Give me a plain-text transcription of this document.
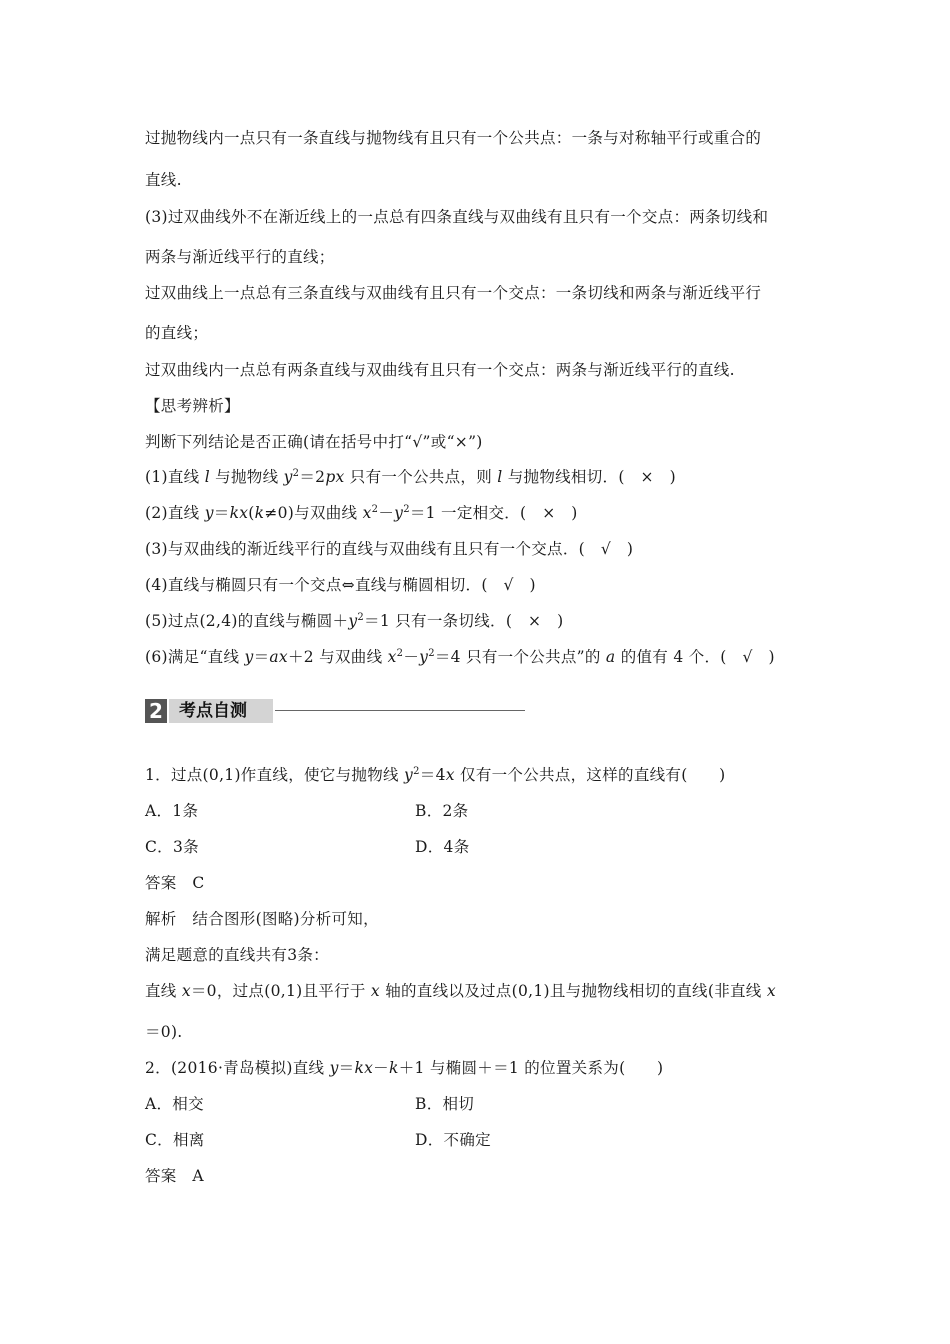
过抛物线内一点只有一条直线与抛物线有且只有一个公共点：一条与对称轴平行或重合的
直线.
(3)过双曲线外不在渐近线上的一点总有四条直线与双曲线有且只有一个交点：两条切线和
两条与渐近线平行的直线；
过双曲线上一点总有三条直线与双曲线有且只有一个交点：一条切线和两条与渐近线平行
的直线；
过双曲线内一点总有两条直线与双曲线有且只有一个交点：两条与渐近线平行的直线.
【思考辨析】
判断下列结论是否正确(请在括号中打“√”或“×”)
(1)直线 l 与抛物线 $y^2=2px$ 只有一个公共点，则 l 与抛物线相切．(　×　)
(2)直线 y＝kx(k≠0)与双曲线 $x^2-y^2=1$ 一定相交．(　×　)
(3)与双曲线的渐近线平行的直线与双曲线有且只有一个交点．(　 √　)
(4)直线与椭圆只有一个交点⇔直线与椭圆相切．(　 √　)
(5)过点(2,4)的直线与椭圆$+y^2=1$ 只有一条切线．(　×　)
(6)满足“直线 y＝ax＋2 与双曲线 $x^2-y^2=4$ 只有一个公共点”的 a 的值有 4 个．(　√　)
2 考点自测
1．过点(0,1)作直线，使它与抛物线 $y^2=4x$ 仅有一个公共点，这样的直线有(　　)
A．1条	B．2条
C．3条	D．4条
答案　C
解析　结合图形(图略)分析可知，
满足题意的直线共有3条：
直线 x＝0，过点(0,1)且平行于 x 轴的直线以及过点(0,1)且与抛物线相切的直线(非直线 x
＝0).
2．(2016·青岛模拟)直线 y＝kx－k＋1 与椭圆＋＝1 的位置关系为(　　)
A．相交	B．相切
C．相离	D．不确定
答案　A
